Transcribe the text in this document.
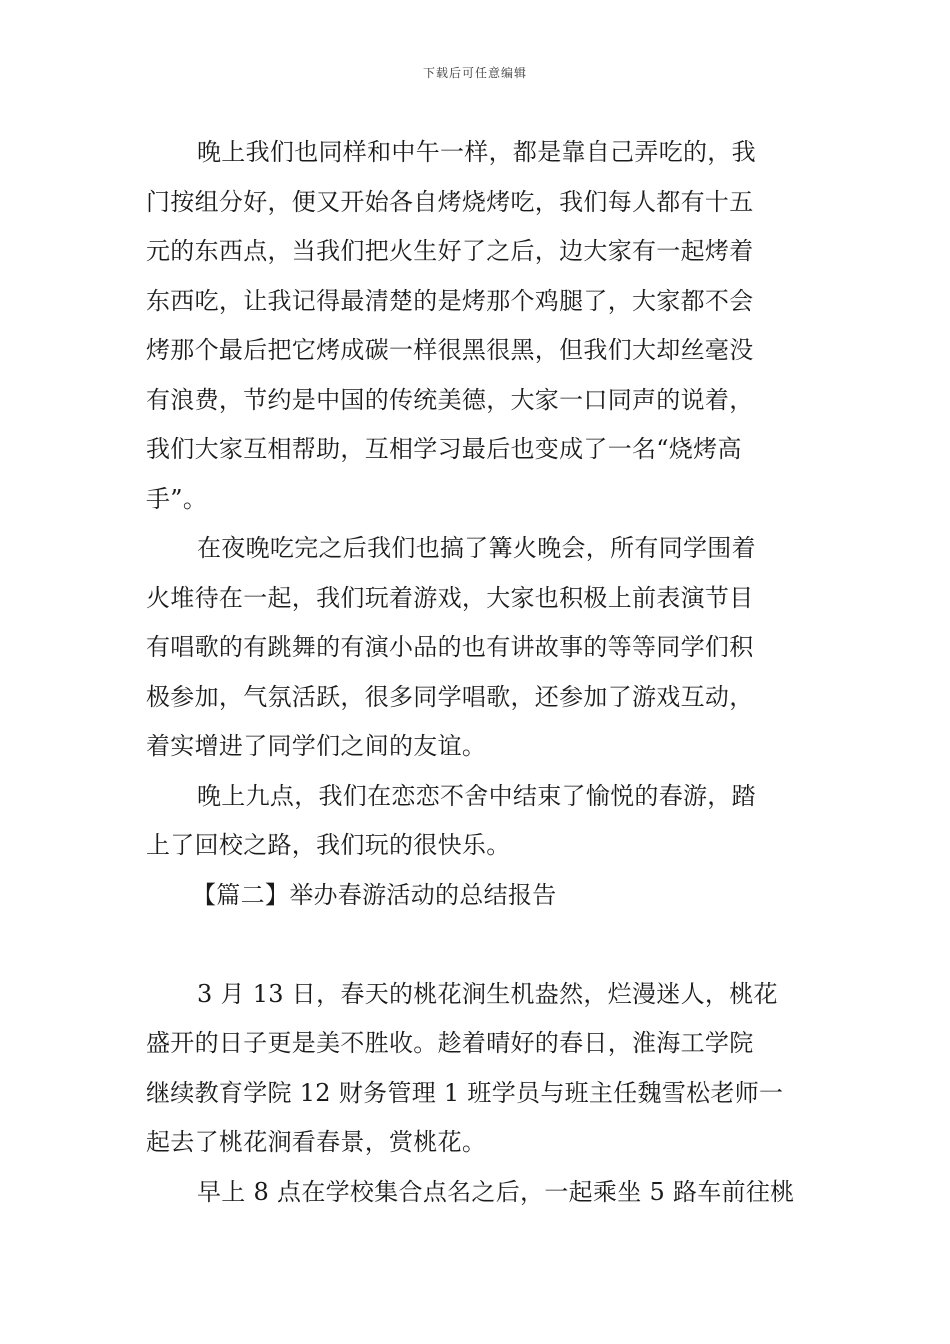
下载后可任意编辑
晚上我们也同样和中午一样，都是靠自己弄吃的，我
门按组分好，便又开始各自烤烧烤吃，我们每人都有十五
元的东西点，当我们把火生好了之后，边大家有一起烤着
东西吃，让我记得最清楚的是烤那个鸡腿了，大家都不会
烤那个最后把它烤成碳一样很黑很黑，但我们大却丝毫没
有浪费，节约是中国的传统美德，大家一口同声的说着，
我们大家互相帮助，互相学习最后也变成了一名“烧烤高
手”。
在夜晚吃完之后我们也搞了篝火晚会，所有同学围着
火堆待在一起，我们玩着游戏，大家也积极上前表演节目
有唱歌的有跳舞的有演小品的也有讲故事的等等同学们积
极参加，气氛活跃，很多同学唱歌，还参加了游戏互动，
着实增进了同学们之间的友谊。
晚上九点，我们在恋恋不舍中结束了愉悦的春游，踏
上了回校之路，我们玩的很快乐。
【篇二】举办春游活动的总结报告
3 月 13 日，春天的桃花涧生机盎然，烂漫迷人，桃花
盛开的日子更是美不胜收。趁着晴好的春日，淮海工学院
继续教育学院 12 财务管理 1 班学员与班主任魏雪松老师一
起去了桃花涧看春景，赏桃花。
早上 8 点在学校集合点名之后，一起乘坐 5 路车前往桃
